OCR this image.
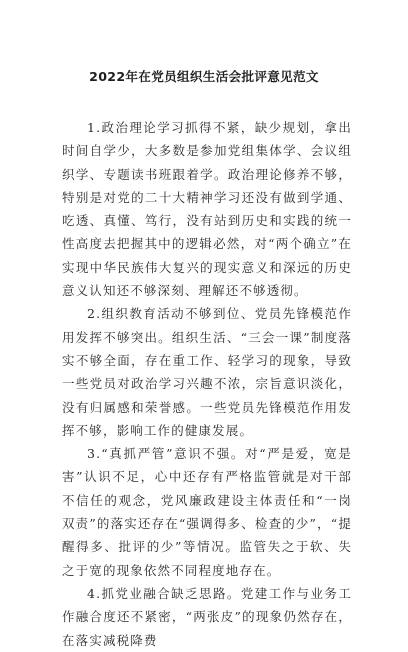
2022年在党员组织生活会批评意见范文

1.政治理论学习抓得不紧，缺少规划，拿出时间自学少，大多数是参加党组集体学、会议组织学、专题读书班跟着学。政治理论修养不够，特别是对党的二十大精神学习还没有做到学通、吃透、真懂、笃行，没有站到历史和实践的统一性高度去把握其中的逻辑必然，对“两个确立”在实现中华民族伟大复兴的现实意义和深远的历史意义认知还不够深刻、理解还不够透彻。

2.组织教育活动不够到位、党员先锋模范作用发挥不够突出。组织生活、“三会一课”制度落实不够全面，存在重工作、轻学习的现象，导致一些党员对政治学习兴趣不浓，宗旨意识淡化，没有归属感和荣誉感。一些党员先锋模范作用发挥不够，影响工作的健康发展。

3.“真抓严管”意识不强。对“严是爱，宽是害”认识不足，心中还存有严格监管就是对干部不信任的观念，党风廉政建设主体责任和“一岗双责”的落实还存在“强调得多、检查的少”，“提醒得多、批评的少”等情况。监管失之于软、失之于宽的现象依然不同程度地存在。

4.抓党业融合缺乏思路。党建工作与业务工作融合度还不紧密，“两张皮”的现象仍然存在，在落实减税降费
